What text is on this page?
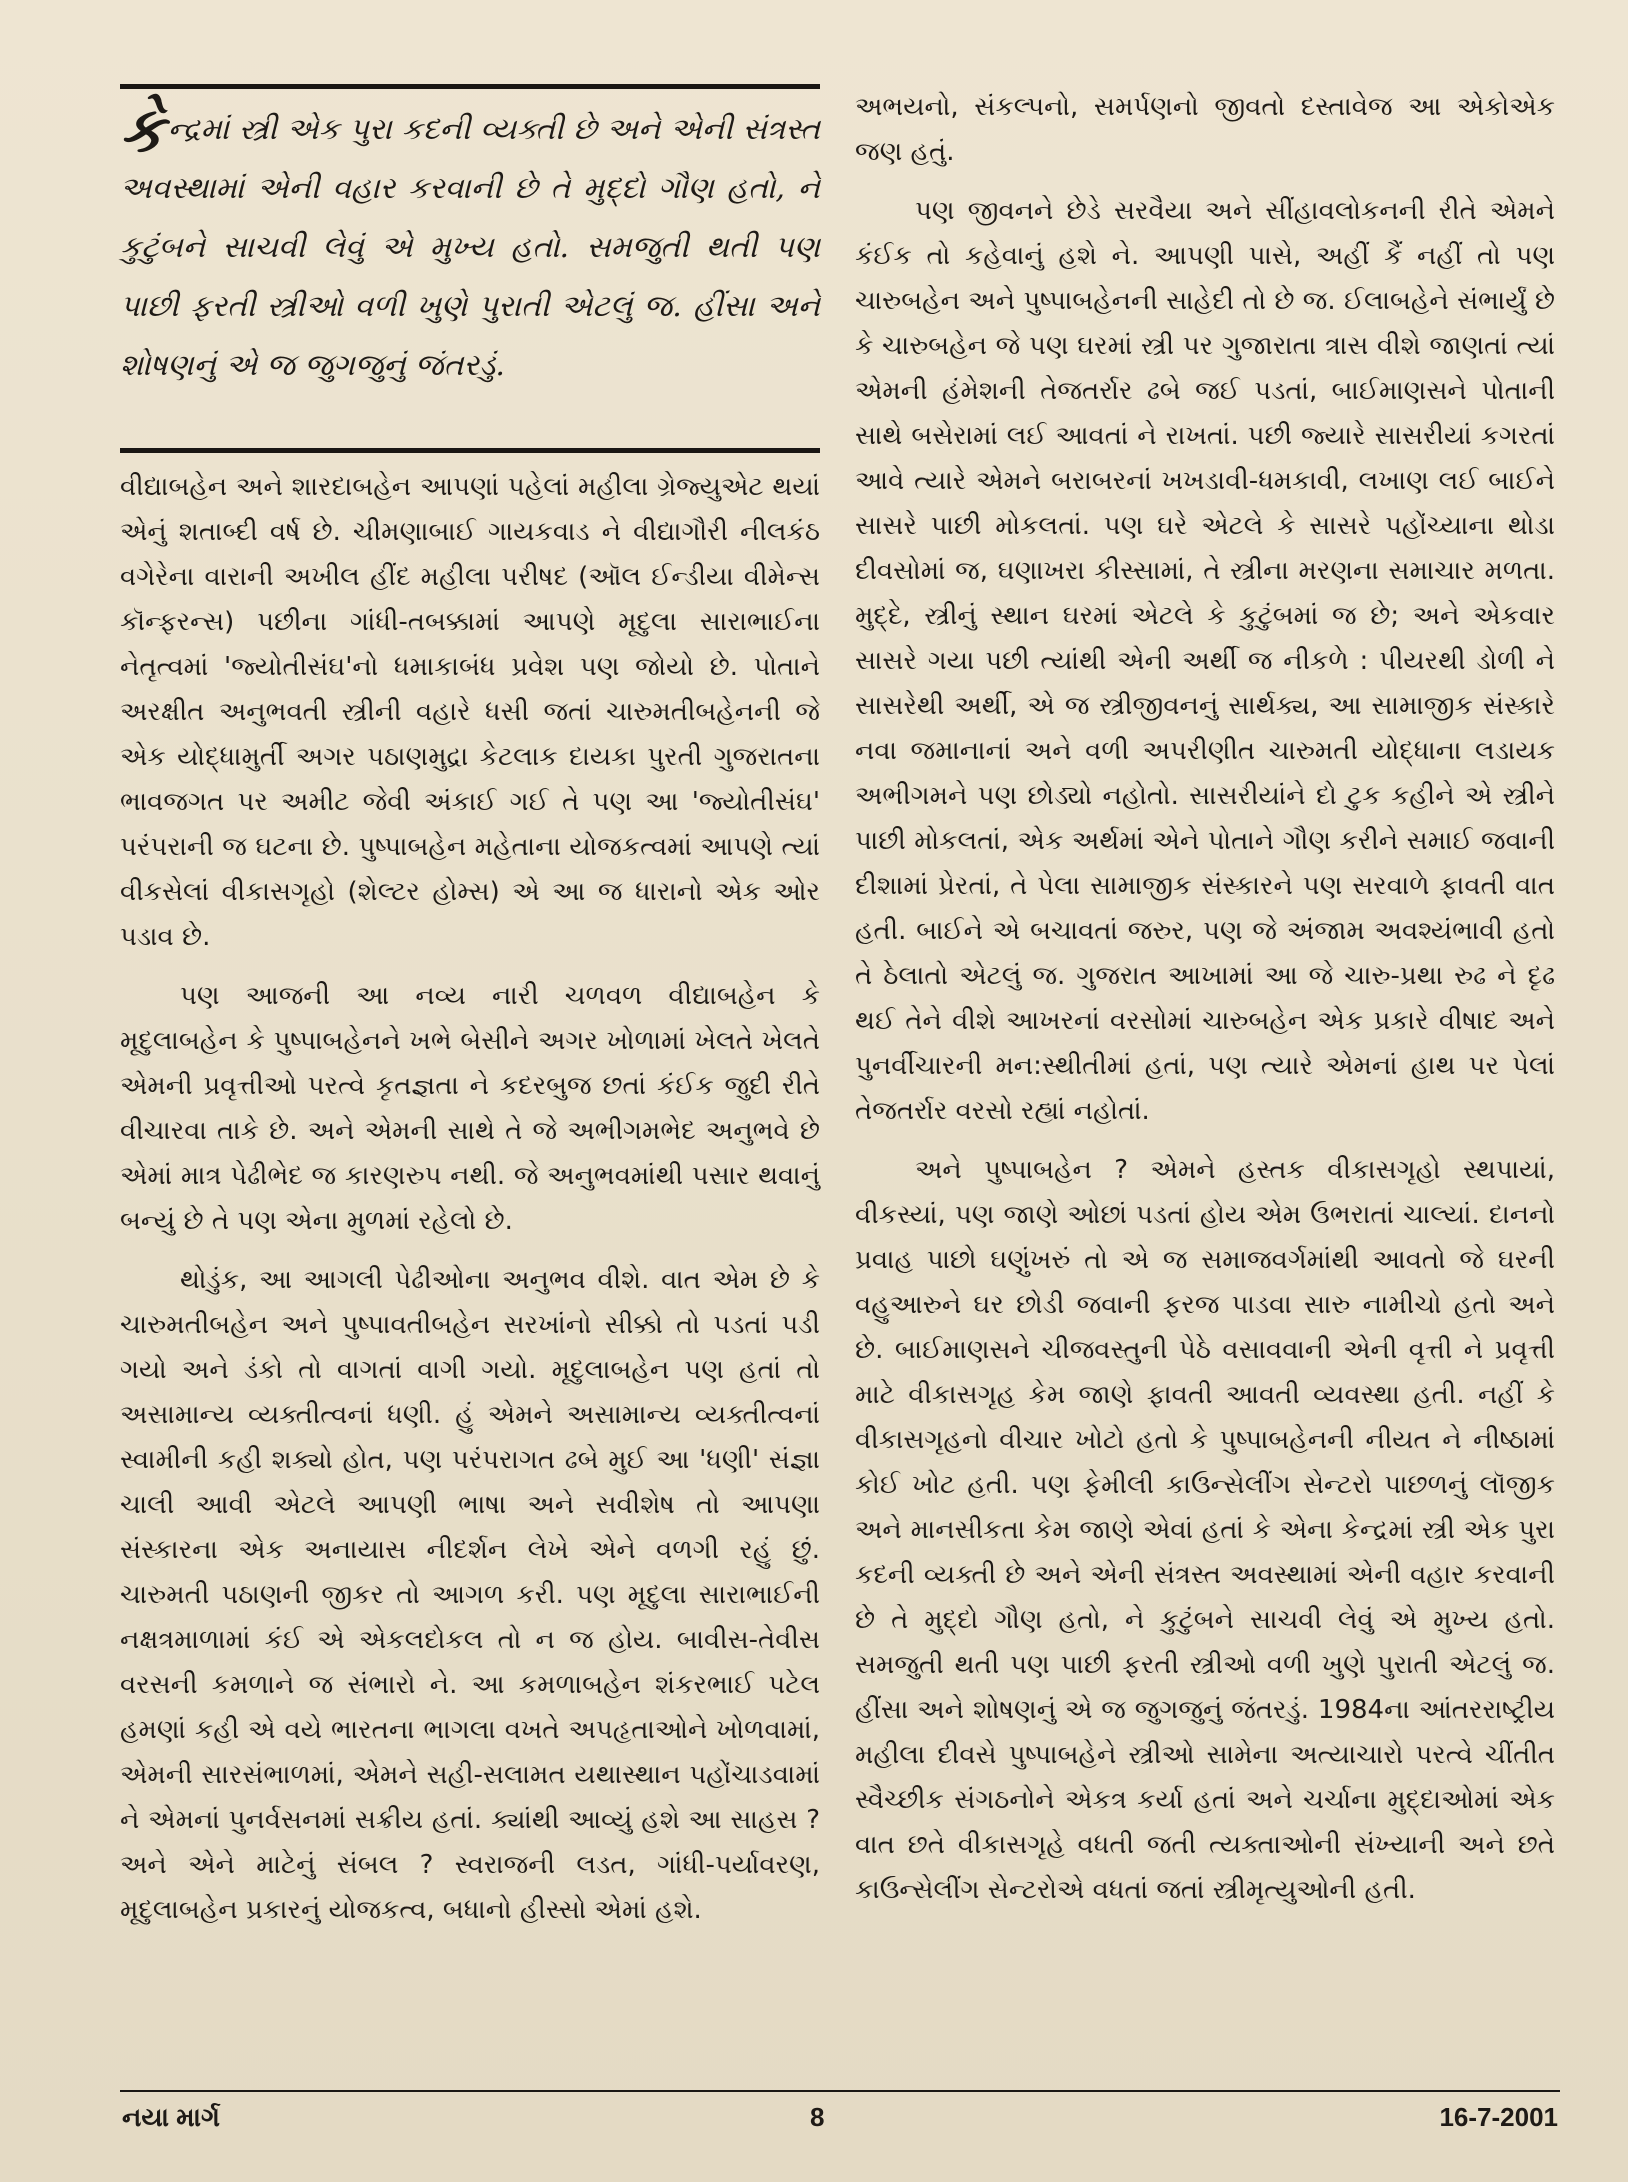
કેન્દ્રમાં સ્ત્રી એક પુરા કદની વ્યક્તી છે અને એની સંત્રસ્ત અવસ્થામાં એની વહાર કરવાની છે તે મુદ્દો ગૌણ હતો, ને કુટુંબને સાચવી લેવું એ મુખ્ય હતો. સમજુતી થતી પણ પાછી ફરતી સ્ત્રીઓ વળી ખુણે પુરાતી એટલું જ. હીંસા અને શોષણનું એ જ જુગજુનું જંતરડું.

વીદ્યાબહેન અને શારદાબહેન આપણાં પહેલાં મહીલા ગ્રેજ્યુએટ થયાં એનું શતાબ્દી વર્ષ છે. ચીમણાબાઈ ગાયકવાડ ને વીદ્યાગૌરી નીલકંઠ વગેરેના વારાની અખીલ હીંદ મહીલા પરીષદ (ઑલ ઈન્ડીયા વીમેન્સ કૉન્ફરન્સ) પછીના ગાંધી-તબક્કામાં આપણે મૃદુલા સારાભાઈના નેતૃત્વમાં 'જ્યોતીસંઘ'નો ધમાકાબંધ પ્રવેશ પણ જોયો છે. પોતાને અરક્ષીત અનુભવતી સ્ત્રીની વહારે ધસી જતાં ચારુમતીબહેનની જે એક યોદ્ધામુર્તી અગર પઠાણમુદ્રા કેટલાક દાયકા પુરતી ગુજરાતના ભાવજગત પર અમીટ જેવી અંકાઈ ગઈ તે પણ આ 'જ્યોતીસંઘ' પરંપરાની જ ઘટના છે. પુષ્પાબહેન મહેતાના યોજકત્વમાં આપણે ત્યાં વીકસેલાં વીકાસગૃહો (શેલ્ટર હોમ્સ) એ આ જ ધારાનો એક ઓર પડાવ છે.

પણ આજની આ નવ્ય નારી ચળવળ વીદ્યાબહેન કે મૃદુલાબહેન કે પુષ્પાબહેનને ખભે બેસીને અગર ખોળામાં ખેલતે ખેલતે એમની પ્રવૃત્તીઓ પરત્વે કૃતજ્ઞતા ને કદરબુજ છતાં કંઈક જુદી રીતે વીચારવા તાકે છે. અને એમની સાથે તે જે અભીગમભેદ અનુભવે છે એમાં માત્ર પેઢીભેદ જ કારણરુપ નથી. જે અનુભવમાંથી પસાર થવાનું બન્યું છે તે પણ એના મુળમાં રહેલો છે.

થોડુંક, આ આગલી પેઢીઓના અનુભવ વીશે. વાત એમ છે કે ચારુમતીબહેન અને પુષ્પાવતીબહેન સરખાંનો સીક્કો તો પડતાં પડી ગયો અને ડંકો તો વાગતાં વાગી ગયો. મૃદુલાબહેન પણ હતાં તો અસામાન્ય વ્યક્તીત્વનાં ધણી. હું એમને અસામાન્ય વ્યક્તીત્વનાં સ્વામીની કહી શક્યો હોત, પણ પરંપરાગત ઢબે મુઈ આ 'ધણી' સંજ્ઞા ચાલી આવી એટલે આપણી ભાષા અને સવીશેષ તો આપણા સંસ્કારના એક અનાયાસ નીદર્શન લેખે એને વળગી રહું છું. ચારુમતી પઠાણની જીકર તો આગળ કરી. પણ મૃદુલા સારાભાઈની નક્ષત્રમાળામાં કંઈ એ એકલદોકલ તો ન જ હોય. બાવીસ-તેવીસ વરસની કમળાને જ સંભારો ને. આ કમળાબહેન શંકરભાઈ પટેલ હમણાં કહી એ વયે ભારતના ભાગલા વખતે અપહૃતાઓને ખોળવામાં, એમની સારસંભાળમાં, એમને સહી-સલામત યથાસ્થાન પહોંચાડવામાં ને એમનાં પુનર્વસનમાં સક્રીય હતાં. ક્યાંથી આવ્યું હશે આ સાહસ ? અને એને માટેનું સંબલ ? સ્વરાજની લડત, ગાંધી-પર્યાવરણ, મૃદુલાબહેન પ્રકારનું યોજકત્વ, બધાનો હીસ્સો એમાં હશે.

અભયનો, સંકલ્પનો, સમર્પણનો જીવતો દસ્તાવેજ આ એકોએક જણ હતું.

પણ જીવનને છેડે સરવૈયા અને સીંહાવલોકનની રીતે એમને કંઈક તો કહેવાનું હશે ને. આપણી પાસે, અહીં કૈં નહીં તો પણ ચારુબહેન અને પુષ્પાબહેનની સાહેદી તો છે જ. ઈલાબહેને સંભાર્યું છે કે ચારુબહેન જે પણ ઘરમાં સ્ત્રી પર ગુજારાતા ત્રાસ વીશે જાણતાં ત્યાં એમની હંમેશની તેજતર્રાર ઢબે જઈ પડતાં, બાઈમાણસને પોતાની સાથે બસેરામાં લઈ આવતાં ને રાખતાં. પછી જ્યારે સાસરીયાં કગરતાં આવે ત્યારે એમને બરાબરનાં ખખડાવી-ધમકાવી, લખાણ લઈ બાઈને સાસરે પાછી મોકલતાં. પણ ઘરે એટલે કે સાસરે પહોંચ્યાના થોડા દીવસોમાં જ, ઘણાખરા કીસ્સામાં, તે સ્ત્રીના મરણના સમાચાર મળતા. મુદ્દે, સ્ત્રીનું સ્થાન ઘરમાં એટલે કે કુટુંબમાં જ છે; અને એકવાર સાસરે ગયા પછી ત્યાંથી એની અર્થી જ નીકળે : પીયરથી ડોળી ને સાસરેથી અર્થી, એ જ સ્ત્રીજીવનનું સાર્થક્ય, આ સામાજીક સંસ્કારે નવા જમાનાનાં અને વળી અપરીણીત ચારુમતી યોદ્ધાના લડાયક અભીગમને પણ છોડ્યો નહોતો. સાસરીયાંને દો ટુક કહીને એ સ્ત્રીને પાછી મોકલતાં, એક અર્થમાં એને પોતાને ગૌણ કરીને સમાઈ જવાની દીશામાં પ્રેરતાં, તે પેલા સામાજીક સંસ્કારને પણ સરવાળે ફાવતી વાત હતી. બાઈને એ બચાવતાં જરુર, પણ જે અંજામ અવશ્યંભાવી હતો તે ઠેલાતો એટલું જ. ગુજરાત આખામાં આ જે ચારુ-પ્રથા રુઢ ને દૃઢ થઈ તેને વીશે આખરનાં વરસોમાં ચારુબહેન એક પ્રકારે વીષાદ અને પુનર્વીચારની મન:સ્થીતીમાં હતાં, પણ ત્યારે એમનાં હાથ પર પેલાં તેજતર્રાર વરસો રહ્યાં નહોતાં.

અને પુષ્પાબહેન ? એમને હસ્તક વીકાસગૃહો સ્થપાયાં, વીકસ્યાં, પણ જાણે ઓછાં પડતાં હોય એમ ઉભરાતાં ચાલ્યાં. દાનનો પ્રવાહ પાછો ઘણુંખરું તો એ જ સમાજવર્ગમાંથી આવતો જે ઘરની વહુઆરુને ઘર છોડી જવાની ફરજ પાડવા સારુ નામીચો હતો અને છે. બાઈમાણસને ચીજવસ્તુની પેઠે વસાવવાની એની વૃત્તી ને પ્રવૃત્તી માટે વીકાસગૃહ કેમ જાણે ફાવતી આવતી વ્યવસ્થા હતી. નહીં કે વીકાસગૃહનો વીચાર ખોટો હતો કે પુષ્પાબહેનની નીયત ને નીષ્ઠામાં કોઈ ખોટ હતી. પણ ફેમીલી કાઉન્સેલીંગ સેન્ટરો પાછળનું લૉજીક અને માનસીકતા કેમ જાણે એવાં હતાં કે એના કેન્દ્રમાં સ્ત્રી એક પુરા કદની વ્યક્તી છે અને એની સંત્રસ્ત અવસ્થામાં એની વહાર કરવાની છે તે મુદ્દો ગૌણ હતો, ને કુટુંબને સાચવી લેવું એ મુખ્ય હતો. સમજુતી થતી પણ પાછી ફરતી સ્ત્રીઓ વળી ખુણે પુરાતી એટલું જ. હીંસા અને શોષણનું એ જ જુગજુનું જંતરડું. 1984ના આંતરરાષ્ટ્રીય મહીલા દીવસે પુષ્પાબહેને સ્ત્રીઓ સામેના અત્યાચારો પરત્વે ચીંતીત સ્વૈચ્છીક સંગઠનોને એકત્ર કર્યા હતાં અને ચર્ચાના મુદ્દાઓમાં એક વાત છતે વીકાસગૃહે વધતી જતી ત્યક્તાઓની સંખ્યાની અને છતે કાઉન્સેલીંગ સેન્ટરોએ વધતાં જતાં સ્ત્રીમૃત્યુઓની હતી.

નયા માર્ગ	8	16-7-2001
